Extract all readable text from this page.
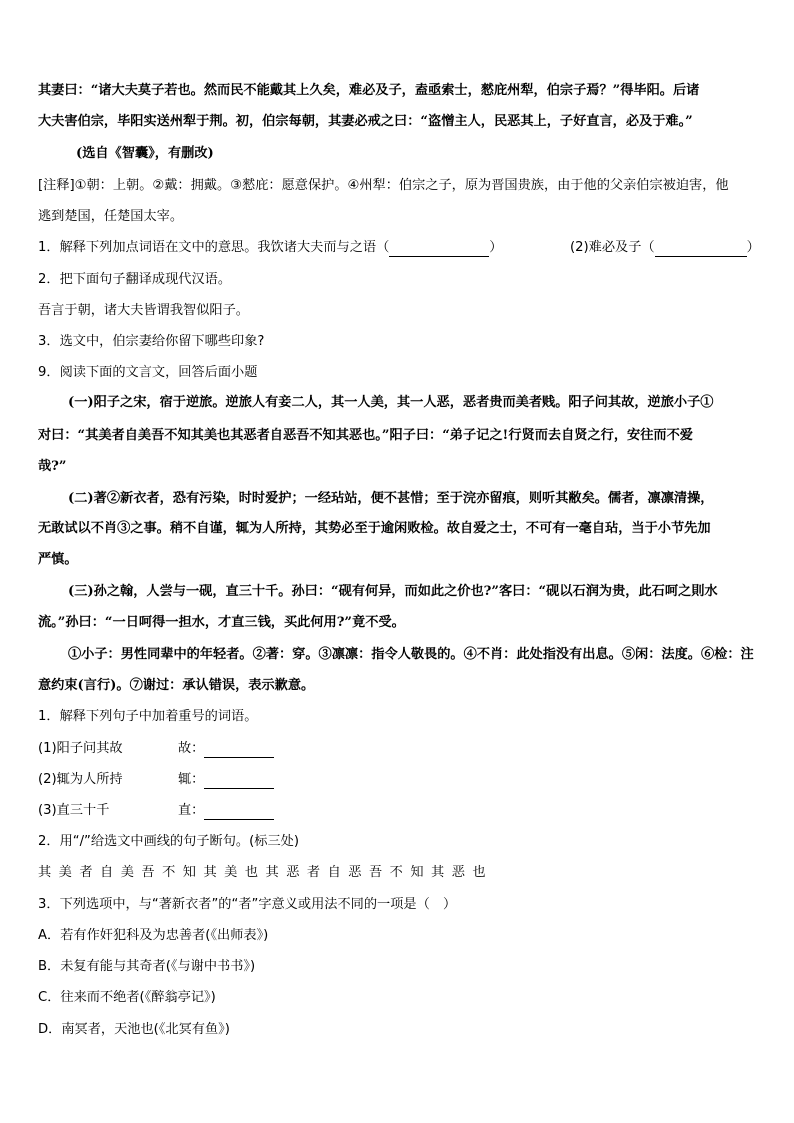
其妻曰：“诸大夫莫子若也。然而民不能戴其上久矣，难必及子，盍亟索士，憖庇州犁，伯宗子焉？”得毕阳。后诸
大夫害伯宗，毕阳实送州犁于荆。初，伯宗每朝，其妻必戒之曰：“盗憎主人，民恶其上，子好直言，必及于难。”
(选自《智囊》，有删改)
[注释]①朝：上朝。②戴：拥戴。③憖庇：愿意保护。④州犁：伯宗之子，原为晋国贵族，由于他的父亲伯宗被迫害，他
逃到楚国，任楚国太宰。
1．解释下列加点词语在文中的意思。我饮诸大夫而与之语（	）	(2)难必及子（	）
2．把下面句子翻译成现代汉语。
吾言于朝，诸大夫皆谓我智似阳子。
3．选文中，伯宗妻给你留下哪些印象?
9．阅读下面的文言文，回答后面小题
(一)阳子之宋，宿于逆旅。逆旅人有妾二人，其一人美，其一人恶，恶者贵而美者贱。阳子问其故，逆旅小子①
对曰：“其美者自美吾不知其美也其恶者自恶吾不知其恶也。”阳子曰：“弟子记之!行贤而去自贤之行，安往而不爱
哉?”
(二)著②新衣者，恐有污染，时时爱护；一经玷站，便不甚惜；至于浣亦留痕，则听其敝矣。儒者，凛凛清操，
无敢试以不肖③之事。稍不自谨，辄为人所持，其势必至于逾闲败检。故自爱之士，不可有一毫自玷，当于小节先加
严慎。
(三)孙之翰，人尝与一砚，直三十千。孙曰：“砚有何异，而如此之价也?”客曰：“砚以石润为贵，此石呵之則水
流。”孙曰：“一日呵得一担水，才直三钱，买此何用?”竟不受。
①小子：男性同辈中的年轻者。②著：穿。③凛凛：指令人敬畏的。④不肖：此处指没有出息。⑤闲：法度。⑥检：注
意约束(言行)。⑦谢过：承认错误，表示歉意。
1．解释下列句子中加着重号的词语。
(1)阳子问其故	故：
(2)辄为人所持	辄：
(3)直三十千	直：
2．用“/”给选文中画线的句子断句。(标三处)
其美者自美吾不知其美也其恶者自恶吾不知其恶也
3．下列选项中，与“著新衣者”的“者”字意义或用法不同的一项是（　）
A．若有作奸犯科及为忠善者(《出师表》)
B．未复有能与其奇者(《与谢中书书》)
C．往来而不绝者(《醉翁亭记》)
D．南冥者，天池也(《北冥有鱼》)
